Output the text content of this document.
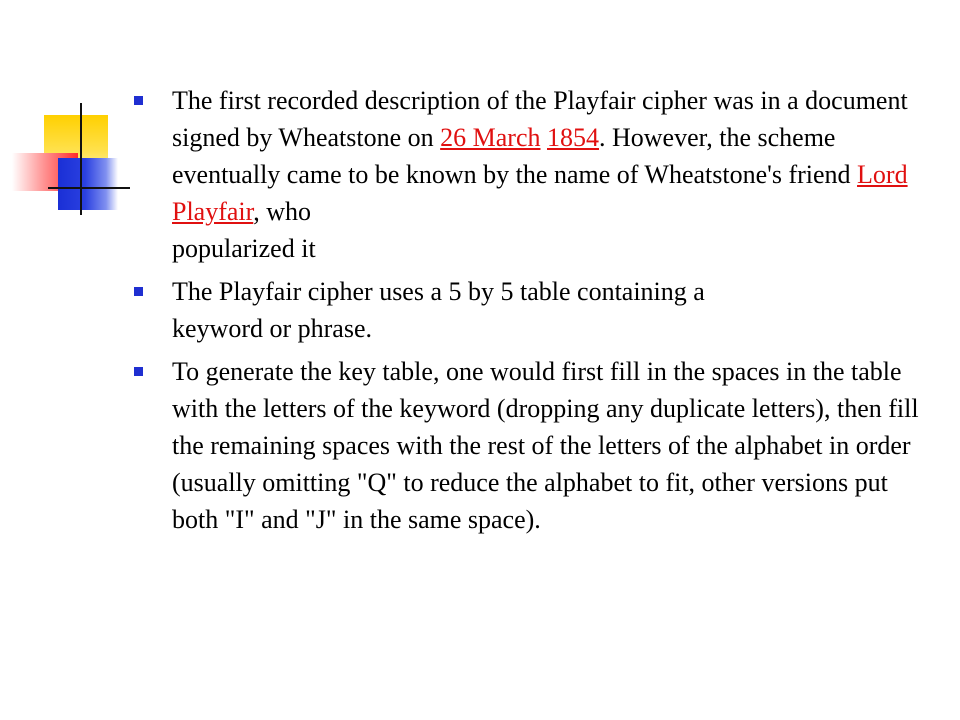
The first recorded description of the Playfair cipher was in a document signed by Wheatstone on 26 March 1854. However, the scheme eventually came to be known by the name of Wheatstone's friend Lord Playfair, who

popularized it

The Playfair cipher uses a 5 by 5 table containing a

keyword or phrase.

To generate the key table, one would first fill in the spaces in the table with the letters of the keyword (dropping any duplicate letters), then fill the remaining spaces with the rest of the letters of the alphabet in order (usually omitting "Q" to reduce the alphabet to fit, other versions put both "I" and "J" in the same space).
